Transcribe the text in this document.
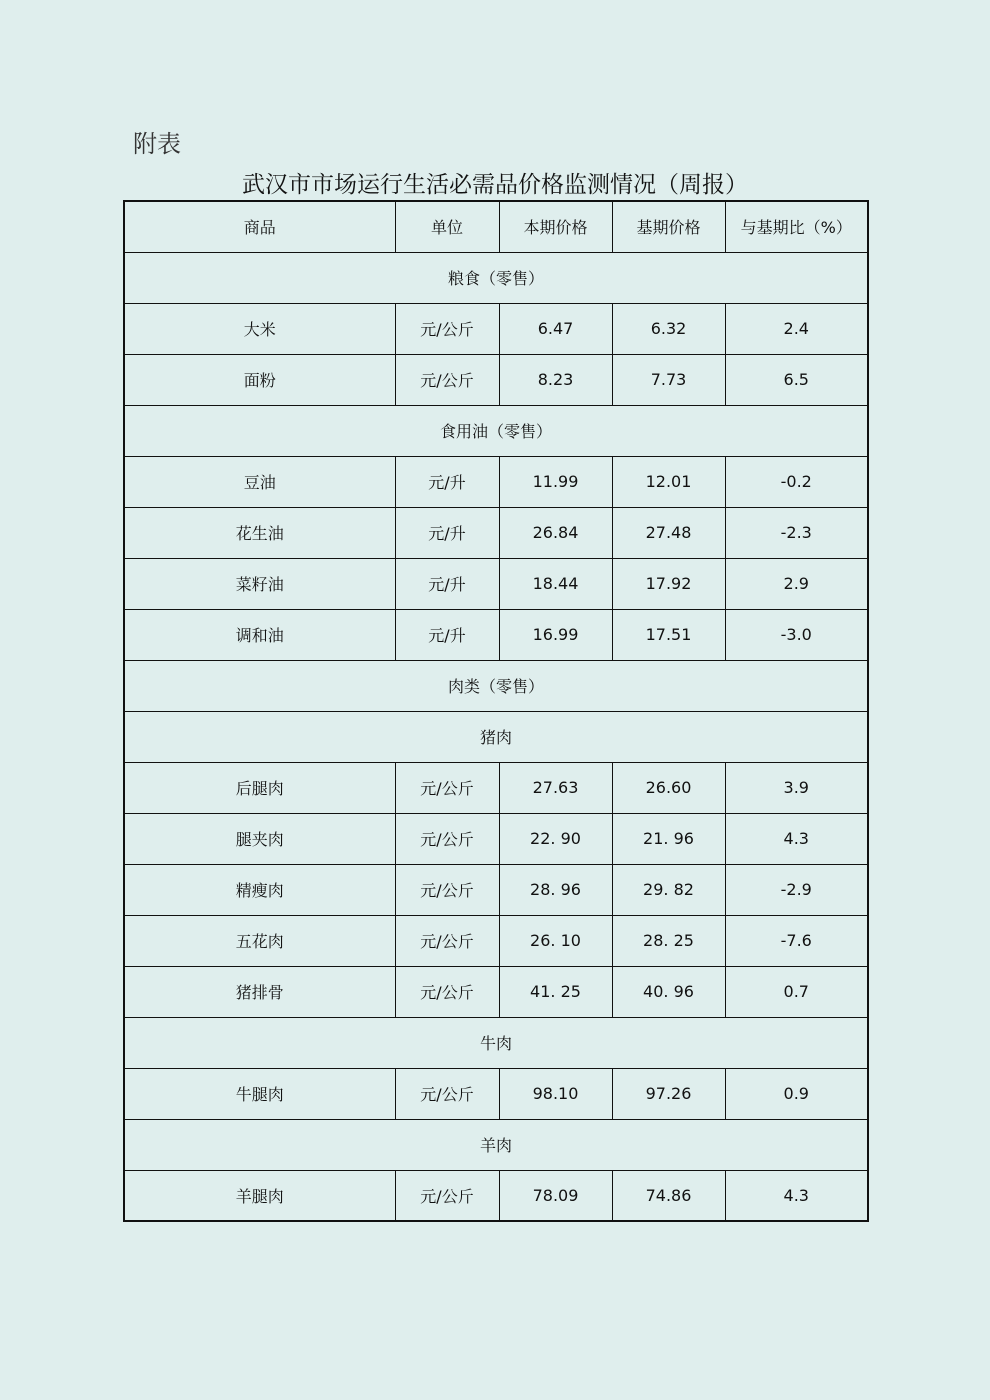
附表
武汉市市场运行生活必需品价格监测情况（周报）
商品	单位	本期价格	基期价格	与基期比（%）
粮食（零售）				
大米	元/公斤	6.47	6.32	2.4
面粉	元/公斤	8.23	7.73	6.5
食用油（零售）				
豆油	元/升	11.99	12.01	-0.2
花生油	元/升	26.84	27.48	-2.3
菜籽油	元/升	18.44	17.92	2.9
调和油	元/升	16.99	17.51	-3.0
肉类（零售）				
猪肉				
后腿肉	元/公斤	27.63	26.60	3.9
腿夹肉	元/公斤	22. 90	21. 96	4.3
精瘦肉	元/公斤	28. 96	29. 82	-2.9
五花肉	元/公斤	26. 10	28. 25	-7.6
猪排骨	元/公斤	41. 25	40. 96	0.7
牛肉				
牛腿肉	元/公斤	98.10	97.26	0.9
羊肉				
羊腿肉	元/公斤	78.09	74.86	4.3
